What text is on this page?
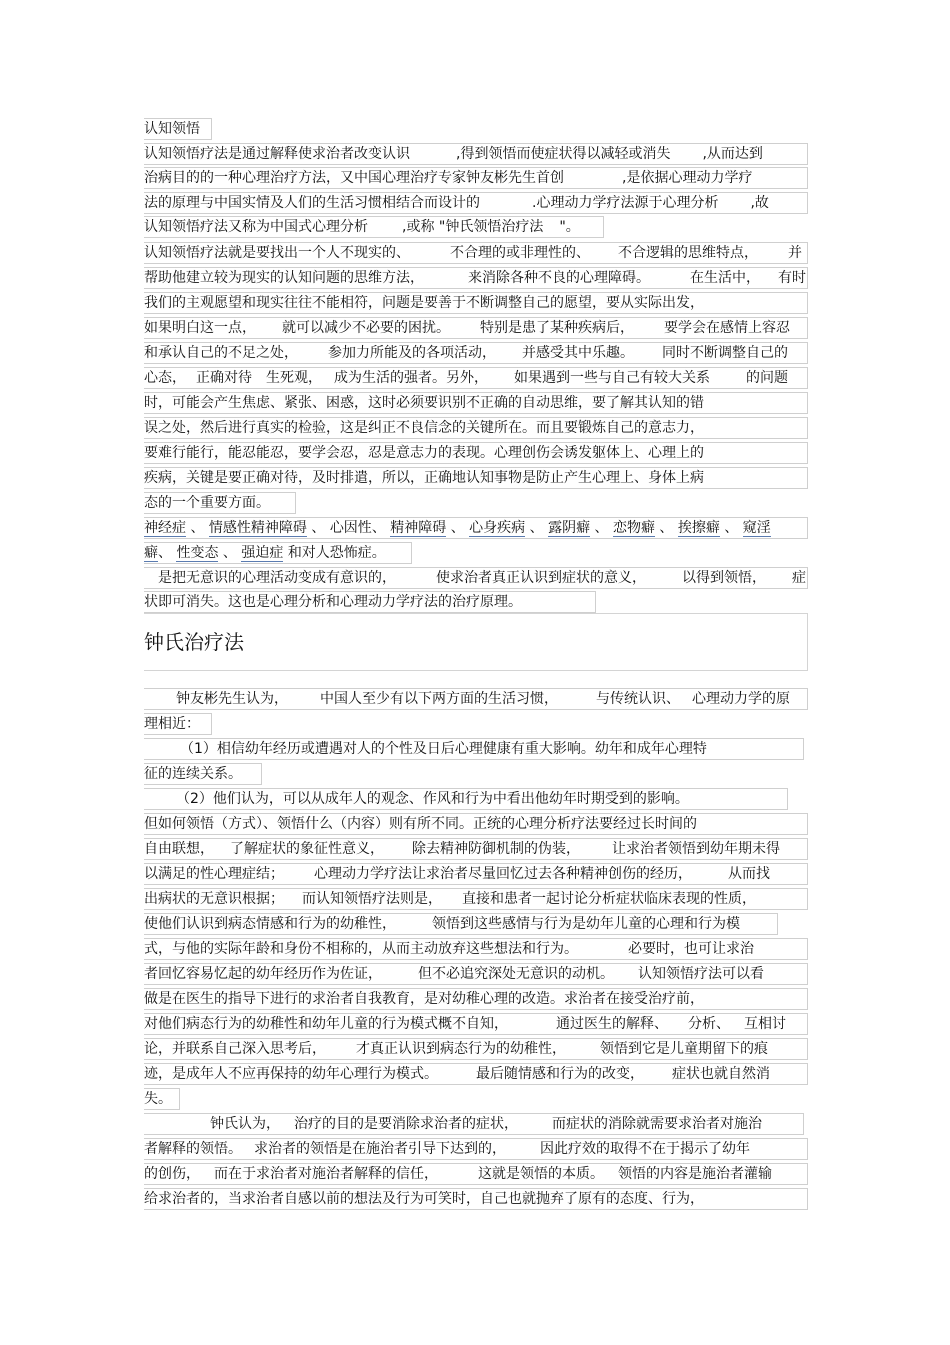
认知领悟
认知领悟疗法是通过解释使求治者改变认识	,得到领悟而使症状得以减轻或消失 ,从而达到
治病目的的一种心理治疗方法，又中国心理治疗专家钟友彬先生首创	,是依据心理动力学疗
法的原理与中国实情及人们的生活习惯相结合而设计的	.心理动力学疗法源于心理分析 ,故
认知领悟疗法又称为中国式心理分析 ,或称 "钟氏领悟治疗法 "。
认知领悟疗法就是要找出一个人不现实的、	不合理的或非理性的、 不合逻辑的思维特点， 并
帮助他建立较为现实的认知问题的思维方法，	来消除各种不良的心理障碍。	在生活中， 有时
我们的主观愿望和现实往往不能相符，问题是要善于不断调整自己的愿望，要从实际出发，
如果明白这一点， 就可以减少不必要的困扰。 特别是患了某种疾病后， 要学会在感情上容忍
和承认自己的不足之处， 参加力所能及的各项活动， 并感受其中乐趣。 同时不断调整自己的
心态， 正确对待 生死观， 成为生活的强者。另外， 如果遇到一些与自己有较大关系	的问题
时，可能会产生焦虑、紧张、困惑，这时必须要识别不正确的自动思维，要了解其认知的错
误之处，然后进行真实的检验，这是纠正不良信念的关键所在。而且要锻炼自己的意志力，
要难行能行，能忍能忍，要学会忍，忍是意志力的表现。心理创伤会诱发躯体上、心理上的
疾病，关键是要正确对待，及时排遣，所以，正确地认知事物是防止产生心理上、身体上病
态的一个重要方面。
神经症 、 情感性精神障碍 、 心因性、 精神障碍 、 心身疾病 、 露阴癖 、 恋物癖 、 挨擦癖 、 窥淫
癖、 性变态 、 强迫症 和对人恐怖症。
是把无意识的心理活动变成有意识的，	使求治者真正认识到症状的意义，	以得到领悟， 症
状即可消失。这也是心理分析和心理动力学疗法的治疗原理。
钟氏治疗法
钟友彬先生认为， 中国人至少有以下两方面的生活习惯，	与传统认识、 心理动力学的原
理相近：
（1）相信幼年经历或遭遇对人的个性及日后心理健康有重大影响。幼年和成年心理特
征的连续关系。
（2）他们认为，可以从成年人的观念、作风和行为中看出他幼年时期受到的影响。
但如何领悟（方式）、领悟什么（内容）则有所不同。正统的心理分析疗法要经过长时间的
自由联想， 了解症状的象征性意义， 除去精神防御机制的伪装， 让求治者领悟到幼年期未得
以满足的性心理症结； 心理动力学疗法让求治者尽量回忆过去各种精神创伤的经历，	从而找
出病状的无意识根据； 而认知领悟疗法则是， 直接和患者一起讨论分析症状临床表现的性质，
使他们认识到病态情感和行为的幼稚性，	领悟到这些感情与行为是幼年儿童的心理和行为模
式，与他的实际年龄和身份不相称的，从而主动放弃这些想法和行为。	必要时，也可让求治
者回忆容易忆起的幼年经历作为佐证，	但不必追究深处无意识的动机。 认知领悟疗法可以看
做是在医生的指导下进行的求治者自我教育，是对幼稚心理的改造。求治者在接受治疗前，
对他们病态行为的幼稚性和幼年儿童的行为模式概不自知，	通过医生的解释、 分析、 互相讨
论，并联系自己深入思考后， 才真正认识到病态行为的幼稚性， 领悟到它是儿童期留下的痕
迹，是成年人不应再保持的幼年心理行为模式。	最后随情感和行为的改变， 症状也就自然消
失。
钟氏认为， 治疗的目的是要消除求治者的症状， 而症状的消除就需要求治者对施治
者解释的领悟。 求治者的领悟是在施治者引导下达到的， 因此疗效的取得不在于揭示了幼年
的创伤， 而在于求治者对施治者解释的信任，	这就是领悟的本质。 领悟的内容是施治者灌输
给求治者的，当求治者自感以前的想法及行为可笑时，自己也就抛弃了原有的态度、行为，
